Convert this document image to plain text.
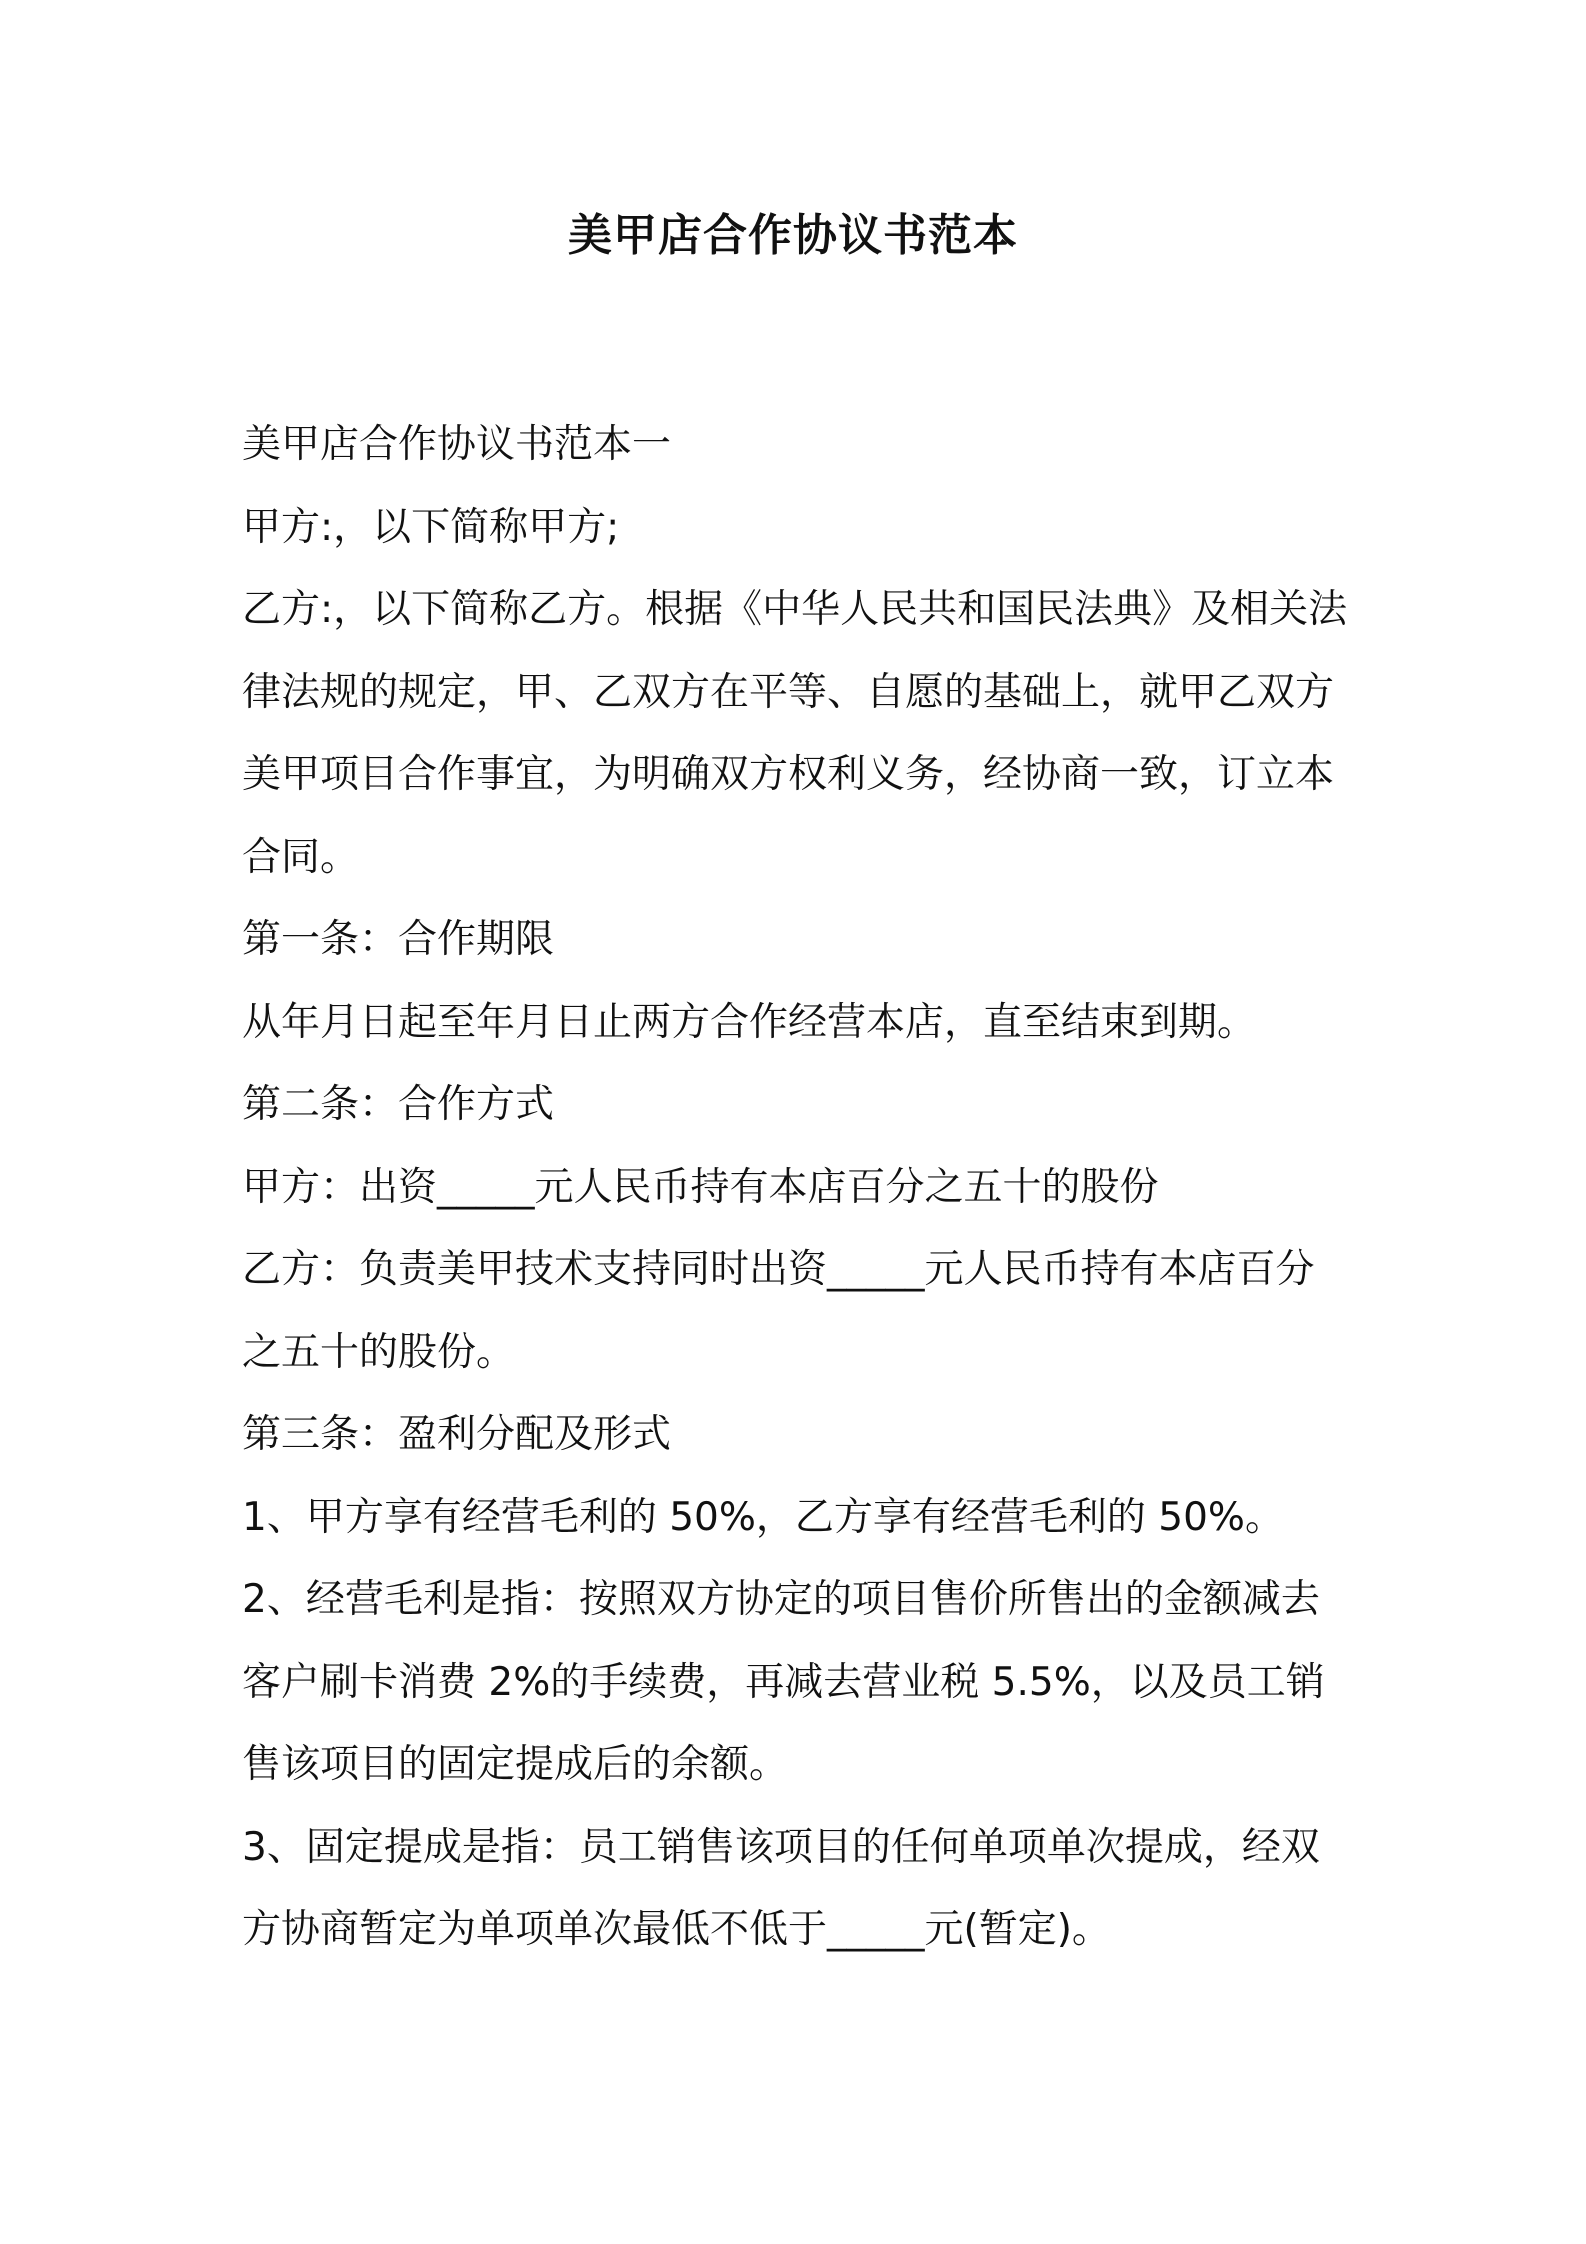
美甲店合作协议书范本

美甲店合作协议书范本一

甲方:，以下简称甲方;

乙方:，以下简称乙方。根据《中华人民共和国民法典》及相关法律法规的规定，甲、乙双方在平等、自愿的基础上，就甲乙双方美甲项目合作事宜，为明确双方权利义务，经协商一致，订立本合同。

第一条：合作期限

从年月日起至年月日止两方合作经营本店，直至结束到期。

第二条：合作方式

甲方：出资_____元人民币持有本店百分之五十的股份

乙方：负责美甲技术支持同时出资_____元人民币持有本店百分之五十的股份。

第三条：盈利分配及形式

1、甲方享有经营毛利的 50%，乙方享有经营毛利的 50%。

2、经营毛利是指：按照双方协定的项目售价所售出的金额减去客户刷卡消费 2%的手续费，再减去营业税 5.5%，以及员工销售该项目的固定提成后的余额。

3、固定提成是指：员工销售该项目的任何单项单次提成，经双方协商暂定为单项单次最低不低于_____元(暂定)。
